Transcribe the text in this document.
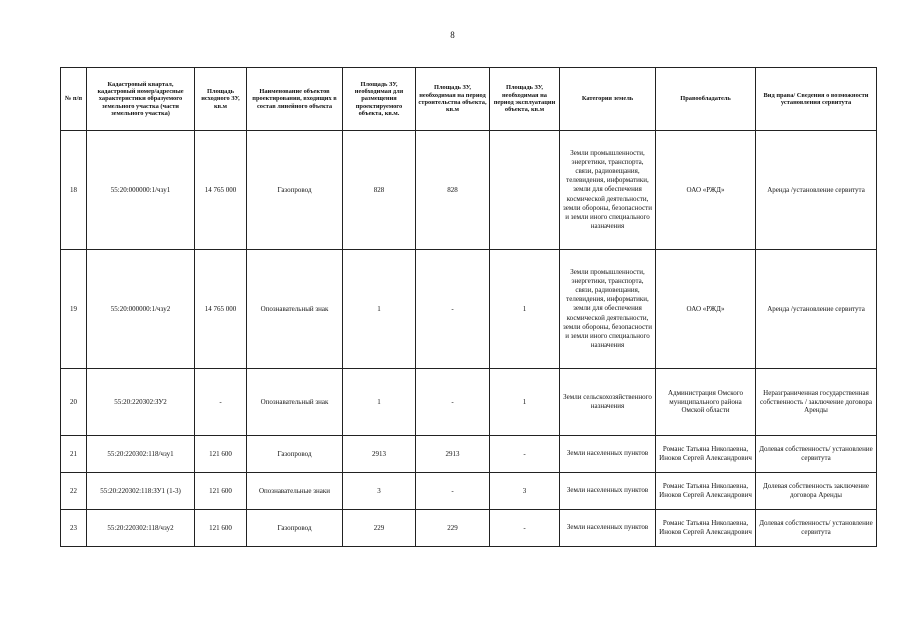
8
№ п/п	Кадастровый квартал, кадастровый номер/адресные характеристики образуемого земельного участка (части земельного участка)	Площадь исходного ЗУ, кв.м	Наименование объектов проектирования, входящих в состав линейного объекта	Площадь ЗУ, необходимая для размещения проектируемого объекта, кв.м.	Площадь ЗУ, необходимая на период строительства объекта, кв.м	Площадь ЗУ, необходимая на период эксплуатации объекта, кв.м	Категория земель	Правообладатель	Вид права/ Сведения о возможности установления сервитута
18	55:20:000000:1/чзу1	14 765 000	Газопровод	828	828		Земли промышленности, энергетики, транспорта, связи, радиовещания, телевидения, информатики, земли для обеспечения космической деятельности, земли обороны, безопасности и земли иного специального назначения	ОАО «РЖД»	Аренда /установление сервитута
19	55:20:000000:1/чзу2	14 765 000	Опознавательный знак	1	-	1	Земли промышленности, энергетики, транспорта, связи, радиовещания, телевидения, информатики, земли для обеспечения космической деятельности, земли обороны, безопасности и земли иного специального назначения	ОАО «РЖД»	Аренда /установление сервитута
20	55:20:220302:ЗУ2	-	Опознавательный знак	1	-	1	Земли сельскохозяйственного назначения	Администрация Омского муниципального района Омской области	Неразграниченная государственная собственность / заключение договора Аренды
21	55:20:220302:118/чзу1	121 600	Газопровод	2913	2913	-	Земли населенных пунктов	Романс Татьяна Николаевна, Иноков Сергей Александрович	Долевая собственность/ установление сервитута
22	55:20:220302:118:ЗУ1 (1-3)	121 600	Опознавательные знаки	3	-	3	Земли населенных пунктов	Романс Татьяна Николаевна, Иноков Сергей Александрович	Долевая собственность заключение договора Аренды
23	55:20:220302:118/чзу2	121 600	Газопровод	229	229	-	Земли населенных пунктов	Романс Татьяна Николаевна, Иноков Сергей Александрович	Долевая собственность/ установление сервитута
